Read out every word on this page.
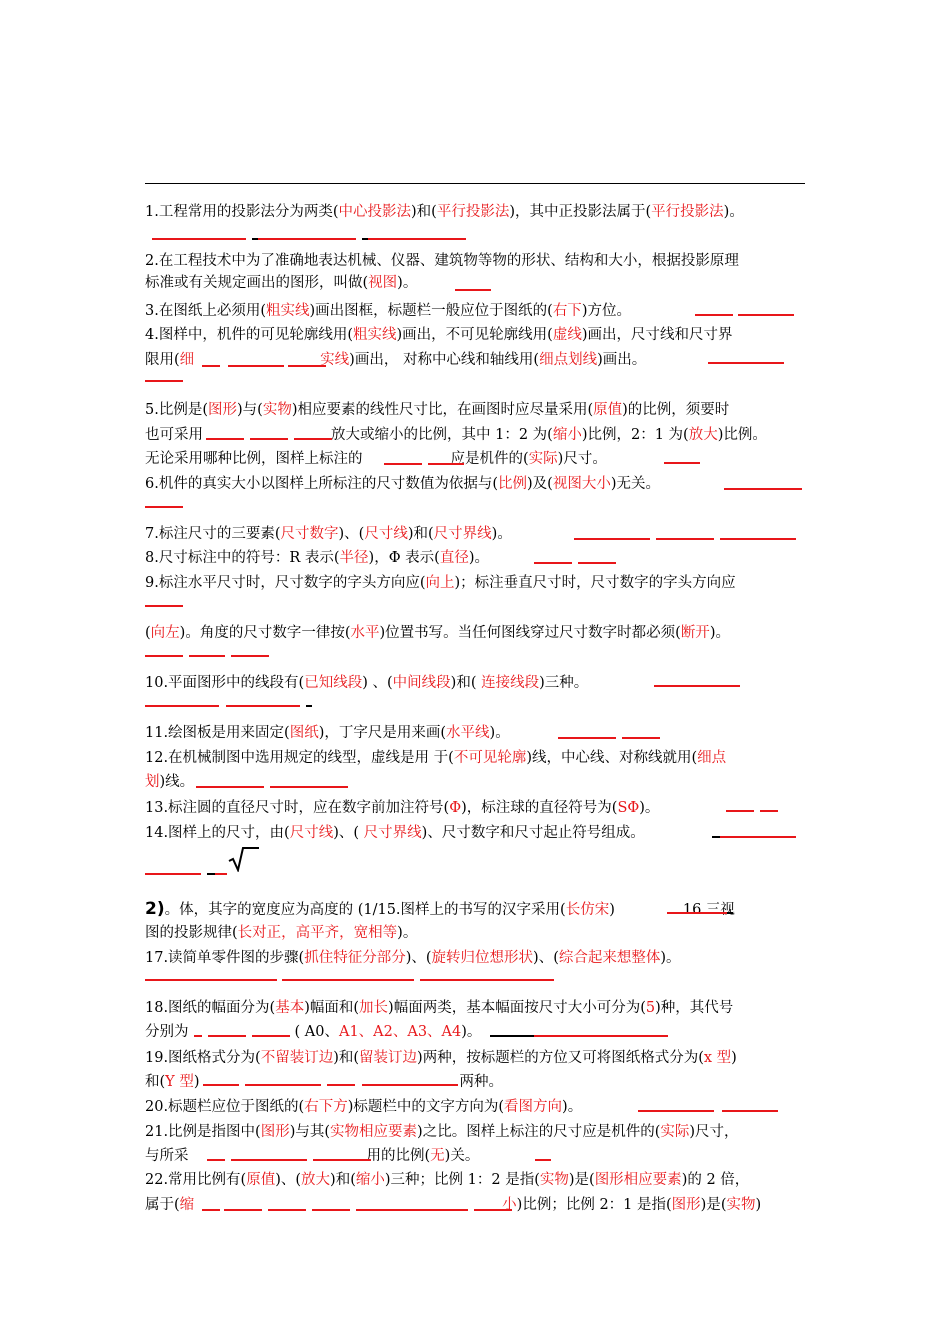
1.工程常用的投影法分为两类(中心投影法)和(平行投影法)，其中正投影法属于(平行投影法)。
2.在工程技术中为了准确地表达机械、仪器、建筑物等物的形状、结构和大小，根据投影原理
标准或有关规定画出的图形，叫做(视图)。
3.在图纸上必须用(粗实线)画出图框，标题栏一般应位于图纸的(右下)方位。
4.图样中，机件的可见轮廓线用(粗实线)画出，不可见轮廓线用(虚线)画出，尺寸线和尺寸界
限用(细	实线)画出， 对称中心线和轴线用(细点划线)画出。
5.比例是(图形)与(实物)相应要素的线性尺寸比，在画图时应尽量采用(原值)的比例，须要时
也可采用	放大或缩小的比例，其中 1：2 为(缩小)比例，2：1 为(放大)比例。
无论采用哪种比例，图样上标注的	应是机件的(实际)尺寸。
6.机件的真实大小以图样上所标注的尺寸数值为依据与(比例)及(视图大小)无关。
7.标注尺寸的三要素(尺寸数字)、(尺寸线)和(尺寸界线)。
8.尺寸标注中的符号：R 表示(半径)，Φ 表示(直径)。
9.标注水平尺寸时，尺寸数字的字头方向应(向上)；标注垂直尺寸时，尺寸数字的字头方向应
(向左)。角度的尺寸数字一律按(水平)位置书写。当任何图线穿过尺寸数字时都必须(断开)。
10.平面图形中的线段有(已知线段) 、(中间线段)和( 连接线段)三种。
11.绘图板是用来固定(图纸)，丁字尺是用来画(水平线)。
12.在机械制图中选用规定的线型，虚线是用 于(不可见轮廓)线，中心线、对称线就用(细点
划)线。
13.标注圆的直径尺寸时，应在数字前加注符号(Φ)，标注球的直径符号为(SΦ)。
14.图样上的尺寸，由(尺寸线)、( 尺寸界线)、尺寸数字和尺寸起止符号组成。
2)。体，其字的宽度应为高度的 (1/15.图样上的书写的汉字采用(长仿宋)	16.三视
图的投影规律(长对正，高平齐，宽相等)。
17.读简单零件图的步骤(抓住特征分部分)、(旋转归位想形状)、(综合起来想整体)。
18.图纸的幅面分为(基本)幅面和(加长)幅面两类，基本幅面按尺寸大小可分为(5)种，其代号
分别为	( A0、A1、A2、A3、A4)。
19.图纸格式分为(不留装订边)和(留装订边)两种，按标题栏的方位又可将图纸格式分为(x 型)
和(Y 型)	两种。
20.标题栏应位于图纸的(右下方)标题栏中的文字方向为(看图方向)。
21.比例是指图中(图形)与其(实物相应要素)之比。图样上标注的尺寸应是机件的(实际)尺寸，
与所采	用的比例(无)关。
22.常用比例有(原值)、(放大)和(缩小)三种；比例 1：2 是指(实物)是(图形相应要素)的 2 倍，
属于(缩	小)比例；比例 2：1 是指(图形)是(实物)
